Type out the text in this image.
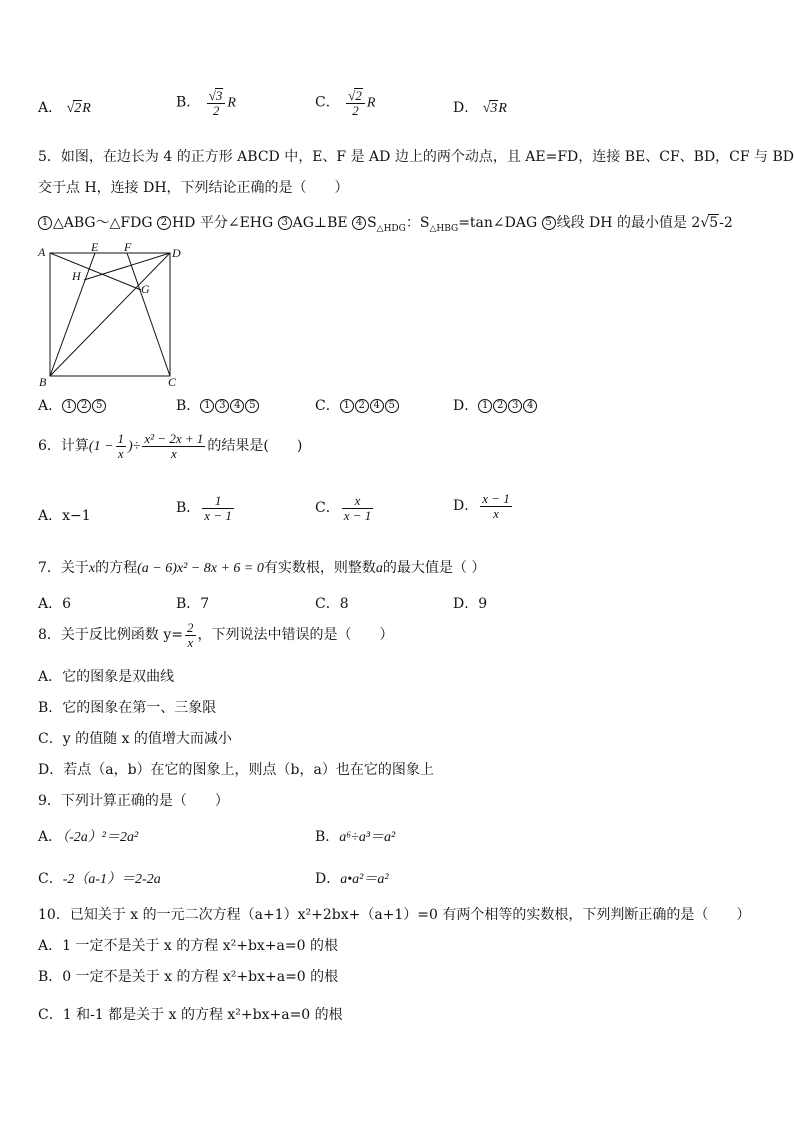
A． √2R	B． $\frac{√3}{2}$ R	C． $\frac{√2}{2}$ R	D． √3R
5．如图，在边长为 4 的正方形 ABCD 中，E、F 是 AD 边上的两个动点，且 AE=FD，连接 BE、CF、BD，CF 与 BD
交于点 H，连接 DH，下列结论正确的是（　　）
1 △ABG～△FDG 2 HD 平分∠EHG 3 AG⊥BE 4 $S_{\triangle HDG}$：$S_{\triangle HBG}=\tan\angle DAG$ 5 线段 DH 的最小值是 2√5-2
A	E F	D
H
G
B	C
A． 1 2 5	B． 1 3 4 5	C． 1 2 4 5	D． 1 2 3 4
6．计算($1 - \frac{1}{x}$ )÷ $\frac{\text{x² − 2x + 1}}{x}$ 的结果是(　　)
A．x−1	B． $\frac{1}{x - 1}$	C． $\frac{x}{x - 1}$	D． $\frac{x - 1}{x}$
7．关于x的方程(a − 6)x² − 8x + 6 = 0有实数根，则整数a的最大值是（ ）
A．6	B．7	C．8	D．9
8．关于反比例函数 $y= \frac{2}{x}$ ，下列说法中错误的是（　　）
A．它的图象是双曲线
B．它的图象在第一、三象限
C．y 的值随 x 的值增大而减小
D．若点（a，b）在它的图象上，则点（b，a）也在它的图象上
9．下列计算正确的是（　　）
A．（-2a）²＝2a²	B．a⁶÷a³＝a²
C．-2（a-1）＝2-2a	D．a•a²＝a²
10．已知关于 x 的一元二次方程（a+1）x²+2bx+（a+1）=0 有两个相等的实数根，下列判断正确的是（　　）
A．1 一定不是关于 x 的方程 x²+bx+a=0 的根
B．0 一定不是关于 x 的方程 x²+bx+a=0 的根
C．1 和-1 都是关于 x 的方程 x²+bx+a=0 的根
